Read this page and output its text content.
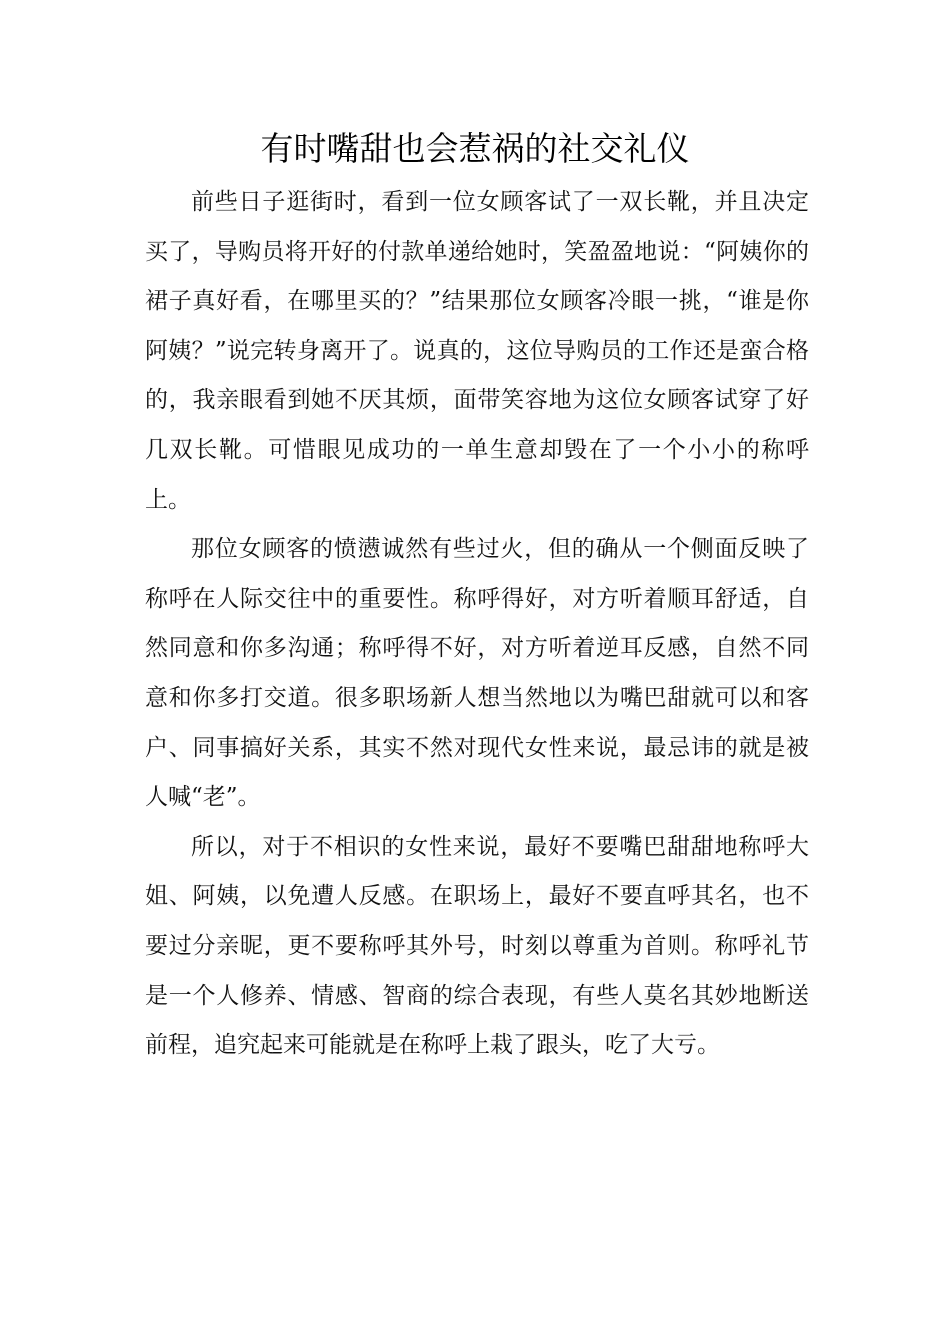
有时嘴甜也会惹祸的社交礼仪

前些日子逛街时，看到一位女顾客试了一双长靴，并且决定买了，导购员将开好的付款单递给她时，笑盈盈地说：“阿姨你的裙子真好看，在哪里买的？”结果那位女顾客冷眼一挑，“谁是你阿姨？”说完转身离开了。说真的，这位导购员的工作还是蛮合格的，我亲眼看到她不厌其烦，面带笑容地为这位女顾客试穿了好几双长靴。可惜眼见成功的一单生意却毁在了一个小小的称呼上。

那位女顾客的愤懑诚然有些过火，但的确从一个侧面反映了称呼在人际交往中的重要性。称呼得好，对方听着顺耳舒适，自然同意和你多沟通；称呼得不好，对方听着逆耳反感，自然不同意和你多打交道。很多职场新人想当然地以为嘴巴甜就可以和客户、同事搞好关系，其实不然对现代女性来说，最忌讳的就是被人喊“老”。

所以，对于不相识的女性来说，最好不要嘴巴甜甜地称呼大姐、阿姨，以免遭人反感。在职场上，最好不要直呼其名，也不要过分亲昵，更不要称呼其外号，时刻以尊重为首则。称呼礼节是一个人修养、情感、智商的综合表现，有些人莫名其妙地断送前程，追究起来可能就是在称呼上栽了跟头，吃了大亏。
